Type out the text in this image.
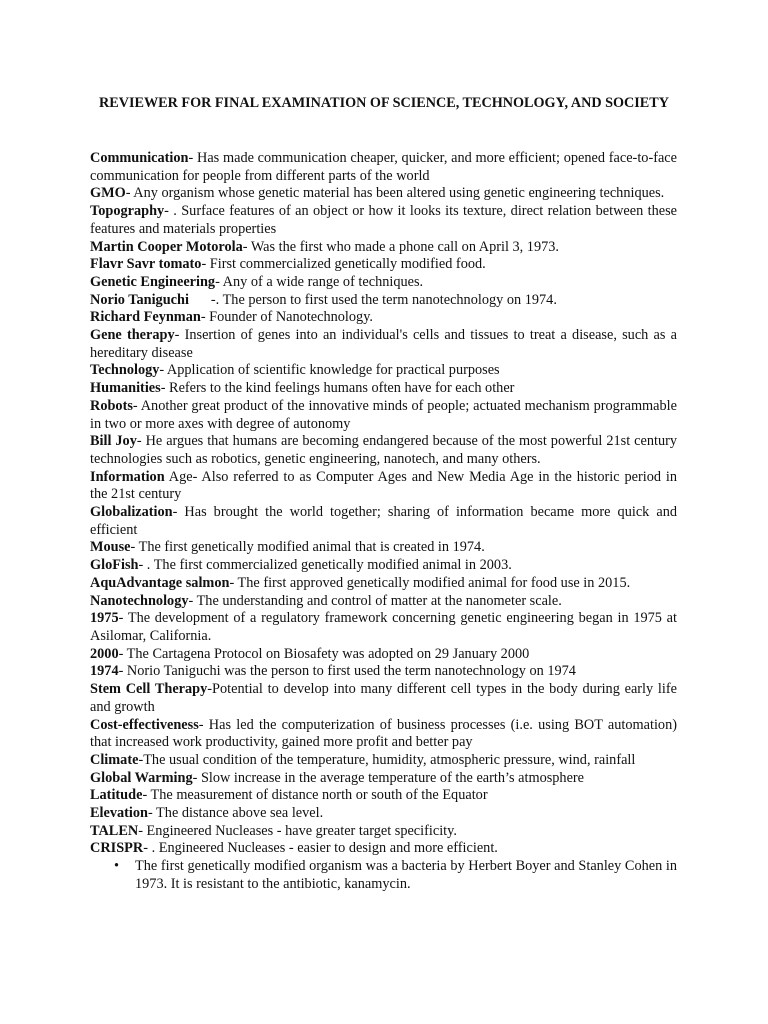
REVIEWER FOR FINAL EXAMINATION OF SCIENCE, TECHNOLOGY, AND SOCIETY

Communication- Has made communication cheaper, quicker, and more efficient; opened face-to-face communication for people from different parts of the world

GMO- Any organism whose genetic material has been altered using genetic engineering techniques.

Topography- . Surface features of an object or how it looks its texture, direct relation between these features and materials properties

Martin Cooper Motorola- Was the first who made a phone call on April 3, 1973.

Flavr Savr tomato- First commercialized genetically modified food.

Genetic Engineering- Any of a wide range of techniques.

Norio Taniguchi -. The person to first used the term nanotechnology on 1974.

Richard Feynman- Founder of Nanotechnology.

Gene therapy- Insertion of genes into an individual's cells and tissues to treat a disease, such as a hereditary disease

Technology- Application of scientific knowledge for practical purposes

Humanities- Refers to the kind feelings humans often have for each other

Robots- Another great product of the innovative minds of people; actuated mechanism programmable in two or more axes with degree of autonomy

Bill Joy- He argues that humans are becoming endangered because of the most powerful 21st century technologies such as robotics, genetic engineering, nanotech, and many others.

Information Age- Also referred to as Computer Ages and New Media Age in the historic period in the 21st century

Globalization- Has brought the world together; sharing of information became more quick and efficient

Mouse- The first genetically modified animal that is created in 1974.

GloFish- . The first commercialized genetically modified animal in 2003.

AquAdvantage salmon- The first approved genetically modified animal for food use in 2015.

Nanotechnology- The understanding and control of matter at the nanometer scale.

1975- The development of a regulatory framework concerning genetic engineering began in 1975 at Asilomar, California.

2000- The Cartagena Protocol on Biosafety was adopted on 29 January 2000

1974- Norio Taniguchi was the person to first used the term nanotechnology on 1974

Stem Cell Therapy-Potential to develop into many different cell types in the body during early life and growth

Cost-effectiveness- Has led the computerization of business processes (i.e. using BOT automation) that increased work productivity, gained more profit and better pay

Climate-The usual condition of the temperature, humidity, atmospheric pressure, wind, rainfall

Global Warming- Slow increase in the average temperature of the earth’s atmosphere

Latitude- The measurement of distance north or south of the Equator

Elevation- The distance above sea level.

TALEN- Engineered Nucleases - have greater target specificity.

CRISPR- . Engineered Nucleases - easier to design and more efficient.

• The first genetically modified organism was a bacteria by Herbert Boyer and Stanley Cohen in 1973. It is resistant to the antibiotic, kanamycin.
